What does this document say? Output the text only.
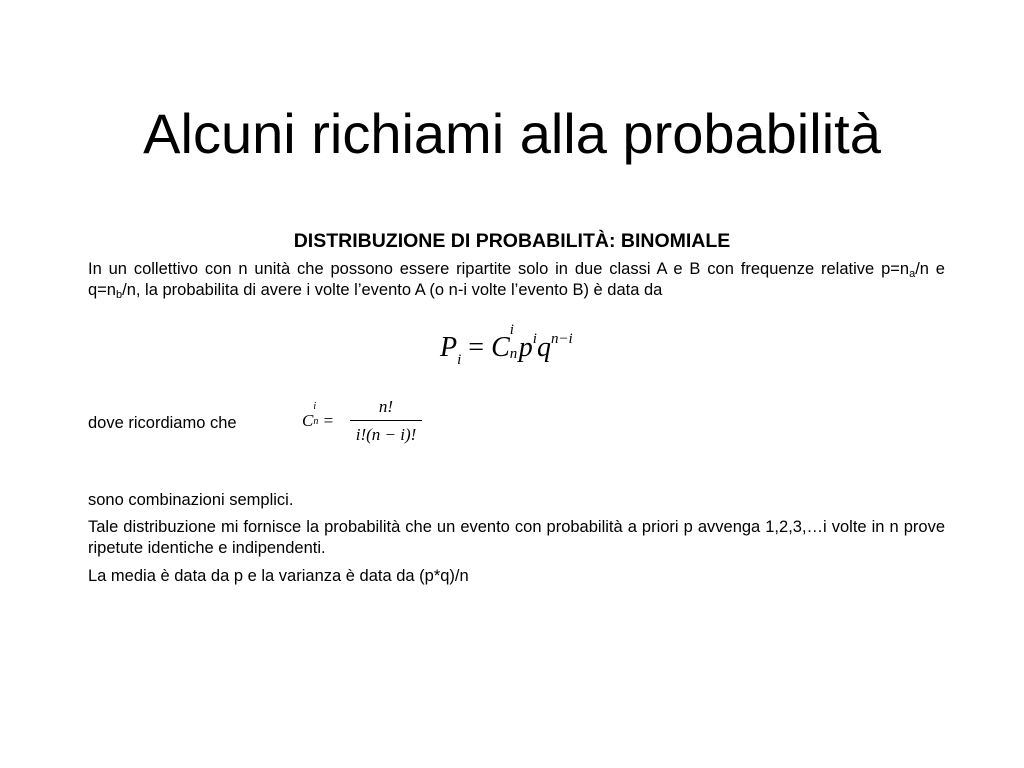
Alcuni richiami alla probabilità

DISTRIBUZIONE DI PROBABILITÀ: BINOMIALE

In un collettivo con n unità che possono essere ripartite solo in due classi A e B con frequenze relative $p=n_a/n$ e $q=n_b/n$, la probabilita di avere i volte l’evento A (o n-i volte l’evento B) è data da

$P_i = C$
i
n $p^iq^{n-i}$

dove ricordiamo che	C
i
n =
n!
i!(n − i)!

sono combinazioni semplici.

Tale distribuzione mi fornisce la probabilità che un evento con probabilità a priori p avvenga 1,2,3,…i volte in n prove ripetute identiche e indipendenti.

La media è data da p e la varianza è data da (p*q)/n
